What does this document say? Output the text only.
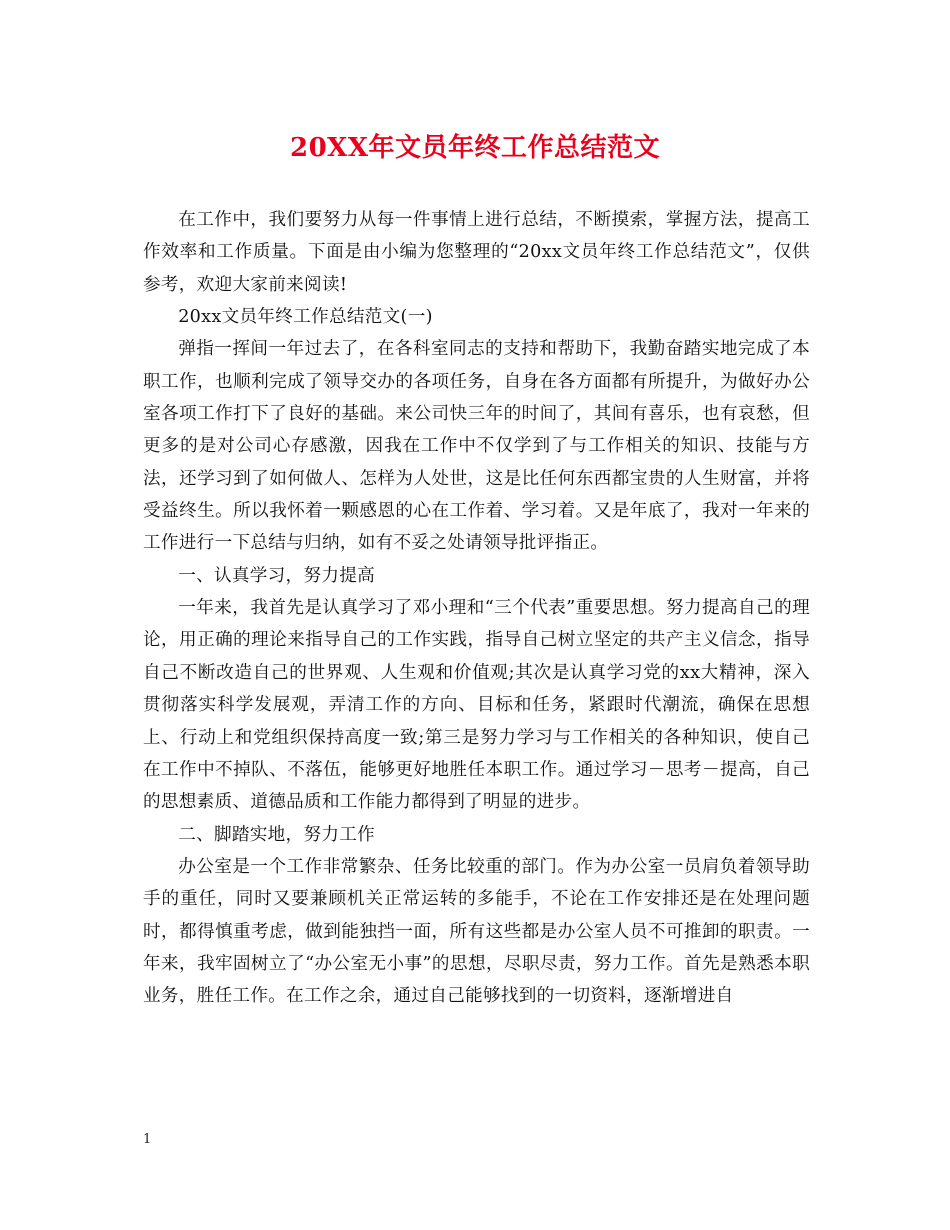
20XX年文员年终工作总结范文

在工作中，我们要努力从每一件事情上进行总结，不断摸索，掌握方法，提高工作效率和工作质量。下面是由小编为您整理的“20xx文员年终工作总结范文”，仅供参考，欢迎大家前来阅读!

20xx文员年终工作总结范文(一)

弹指一挥间一年过去了，在各科室同志的支持和帮助下，我勤奋踏实地完成了本职工作，也顺利完成了领导交办的各项任务，自身在各方面都有所提升，为做好办公室各项工作打下了良好的基础。来公司快三年的时间了，其间有喜乐，也有哀愁，但更多的是对公司心存感激，因我在工作中不仅学到了与工作相关的知识、技能与方法，还学习到了如何做人、怎样为人处世，这是比任何东西都宝贵的人生财富，并将受益终生。所以我怀着一颗感恩的心在工作着、学习着。又是年底了，我对一年来的工作进行一下总结与归纳，如有不妥之处请领导批评指正。

一、认真学习，努力提高

一年来，我首先是认真学习了邓小理和“三个代表”重要思想。努力提高自己的理论，用正确的理论来指导自己的工作实践，指导自己树立坚定的共产主义信念，指导自己不断改造自己的世界观、人生观和价值观;其次是认真学习党的xx大精神，深入贯彻落实科学发展观，弄清工作的方向、目标和任务，紧跟时代潮流，确保在思想上、行动上和党组织保持高度一致;第三是努力学习与工作相关的各种知识，使自己在工作中不掉队、不落伍，能够更好地胜任本职工作。通过学习－思考－提高，自己的思想素质、道德品质和工作能力都得到了明显的进步。

二、脚踏实地，努力工作

办公室是一个工作非常繁杂、任务比较重的部门。作为办公室一员肩负着领导助手的重任，同时又要兼顾机关正常运转的多能手，不论在工作安排还是在处理问题时，都得慎重考虑，做到能独挡一面，所有这些都是办公室人员不可推卸的职责。一年来，我牢固树立了“办公室无小事”的思想，尽职尽责，努力工作。首先是熟悉本职业务，胜任工作。在工作之余，通过自己能够找到的一切资料，逐渐增进自

1
